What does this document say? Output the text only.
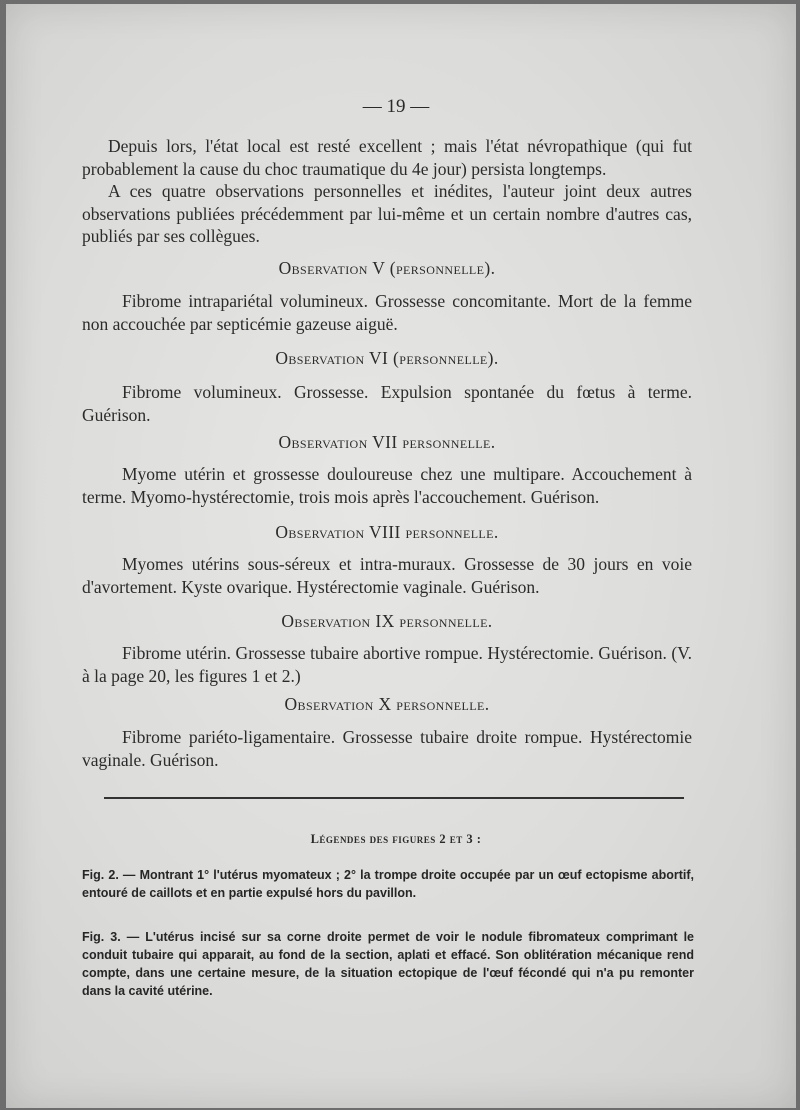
— 19 —

Depuis lors, l'état local est resté excellent ; mais l'état névropathique (qui fut probablement la cause du choc traumatique du 4e jour) persista longtemps.

A ces quatre observations personnelles et inédites, l'auteur joint deux autres observations publiées précédemment par lui-même et un certain nombre d'autres cas, publiés par ses collègues.

Observation V (personnelle).

Fibrome intrapariétal volumineux. Grossesse concomitante. Mort de la femme non accouchée par septicémie gazeuse aiguë.

Observation VI (personnelle).

Fibrome volumineux. Grossesse. Expulsion spontanée du fœtus à terme. Guérison.

Observation VII personnelle.

Myome utérin et grossesse douloureuse chez une multipare. Accouchement à terme. Myomo-hystérectomie, trois mois après l'accouchement. Guérison.

Observation VIII personnelle.

Myomes utérins sous-séreux et intra-muraux. Grossesse de 30 jours en voie d'avortement. Kyste ovarique. Hystérectomie vaginale. Guérison.

Observation IX personnelle.

Fibrome utérin. Grossesse tubaire abortive rompue. Hystérectomie. Guérison. (V. à la page 20, les figures 1 et 2.)

Observation X personnelle.

Fibrome pariéto-ligamentaire. Grossesse tubaire droite rompue. Hystérectomie vaginale. Guérison.

Légendes des figures 2 et 3 :

Fig. 2. — Montrant 1° l'utérus myomateux ; 2° la trompe droite occupée par un œuf ectopisme abortif, entouré de caillots et en partie expulsé hors du pavillon.

Fig. 3. — L'utérus incisé sur sa corne droite permet de voir le nodule fibromateux comprimant le conduit tubaire qui apparait, au fond de la section, aplati et effacé. Son oblitération mécanique rend compte, dans une certaine mesure, de la situation ectopique de l'œuf fécondé qui n'a pu remonter dans la cavité utérine.
